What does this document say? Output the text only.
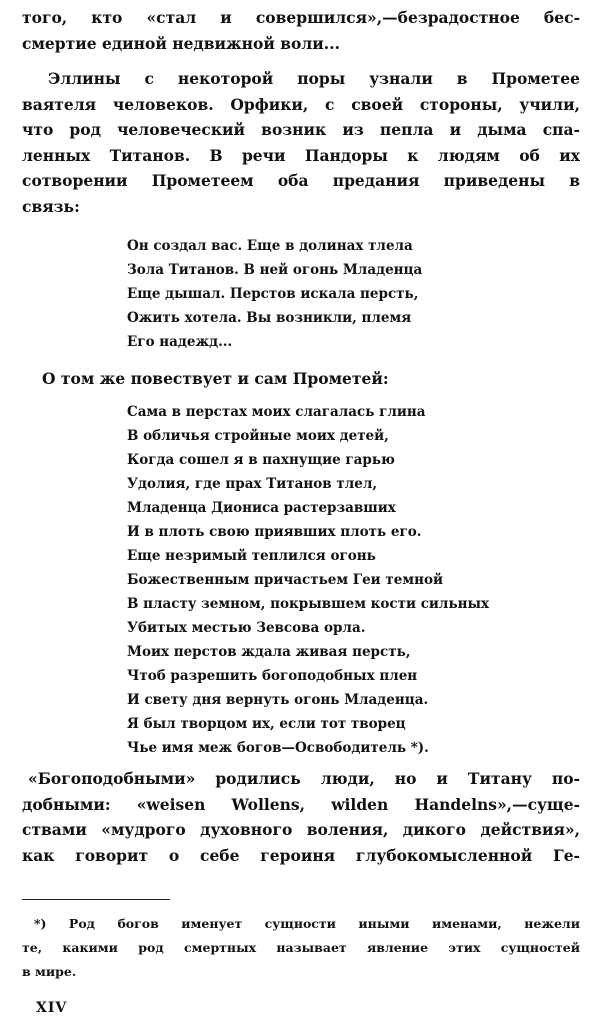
того, кто «стал и совершился»,—безрадостное бес-
смертие единой недвижной воли...
Эллины с некоторой поры узнали в Прометее
ваятеля человеков. Орфики, с своей стороны, учили,
что род человеческий возник из пепла и дыма спа-
ленных Титанов. В речи Пандоры к людям об их
сотворении Прометеем оба предания приведены в
связь:
Он создал вас. Еще в долинах тлела
Зола Титанов. В ней огонь Младенца
Еще дышал. Перстов искала персть,
Ожить хотела. Вы возникли, племя
Его надежд...
О том же повествует и сам Прометей:
Сама в перстах моих слагалась глина
В обличья стройные моих детей,
Когда сошел я в пахнущие гарью
Удолия, где прах Титанов тлел,
Младенца Диониса растерзавших
И в плоть свою приявших плоть его.
Еще незримый теплился огонь
Божественным причастьем Геи темной
В пласту земном, покрывшем кости сильных
Убитых местью Зевсова орла.
Моих перстов ждала живая персть,
Чтоб разрешить богоподобных плен
И свету дня вернуть огонь Младенца.
Я был творцом их, если тот творец
Чье имя меж богов—Освободитель *).
«Богоподобными» родились люди, но и Титану по-
добными: «weisen Wollens, wilden Handelns»,—суще-
ствами «мудрого духовного воления, дикого действия»,
как говорит о себе героиня глубокомысленной Ге-
*) Род богов именует сущности иными именами, нежели
те, какими род смертных называет явление этих сущностей
в мире.
XIV
